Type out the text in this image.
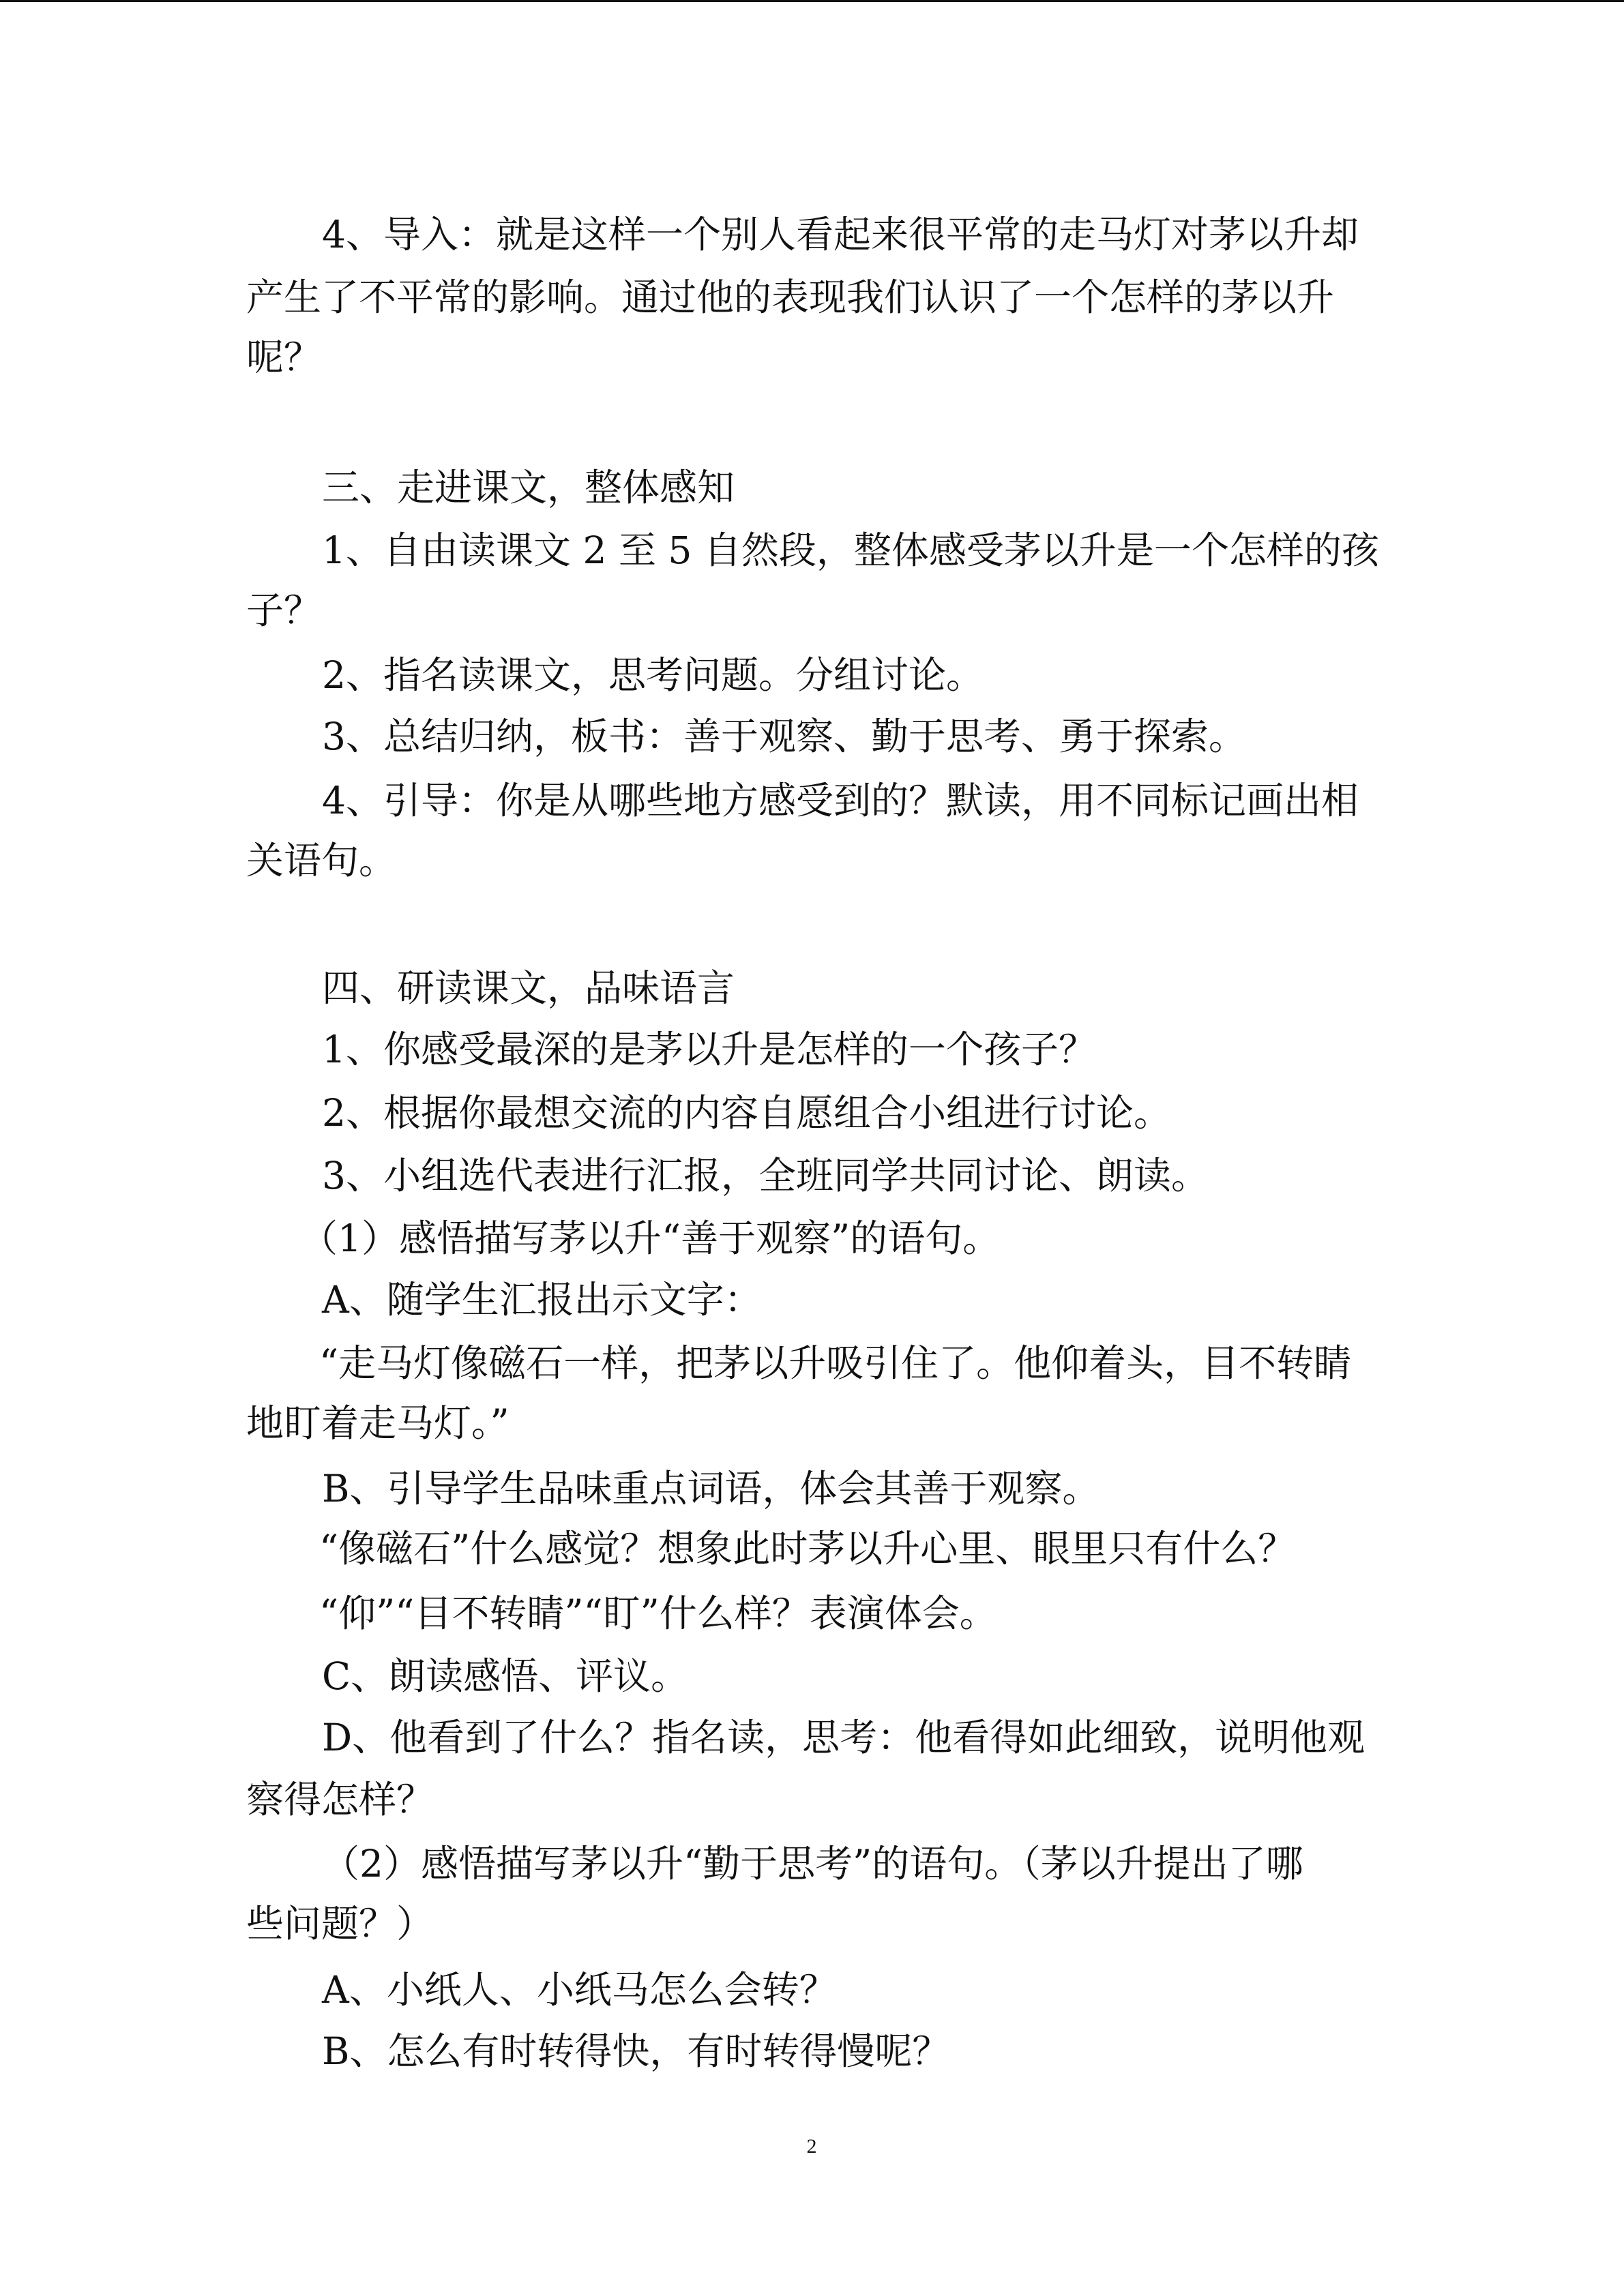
4、导入：就是这样一个别人看起来很平常的走马灯对茅以升却
产生了不平常的影响。通过他的表现我们认识了一个怎样的茅以升
呢？
三、走进课文，整体感知
1、自由读课文 2 至 5 自然段，整体感受茅以升是一个怎样的孩
子？
2、指名读课文，思考问题。分组讨论。
3、总结归纳，板书：善于观察、勤于思考、勇于探索。
4、引导：你是从哪些地方感受到的？默读，用不同标记画出相
关语句。
四、研读课文，品味语言
1、你感受最深的是茅以升是怎样的一个孩子？
2、根据你最想交流的内容自愿组合小组进行讨论。
3、小组选代表进行汇报，全班同学共同讨论、朗读。
（1）感悟描写茅以升“善于观察”的语句。
A、随学生汇报出示文字：
“走马灯像磁石一样，把茅以升吸引住了。他仰着头，目不转睛
地盯着走马灯。”
B、引导学生品味重点词语，体会其善于观察。
“像磁石”什么感觉？想象此时茅以升心里、眼里只有什么？
“仰”“目不转睛”“盯”什么样？表演体会。
C、朗读感悟、评议。
D、他看到了什么？指名读，思考：他看得如此细致，说明他观
察得怎样？
（2）感悟描写茅以升“勤于思考”的语句。（茅以升提出了哪
些问题？）
A、小纸人、小纸马怎么会转？
B、怎么有时转得快，有时转得慢呢？
2
